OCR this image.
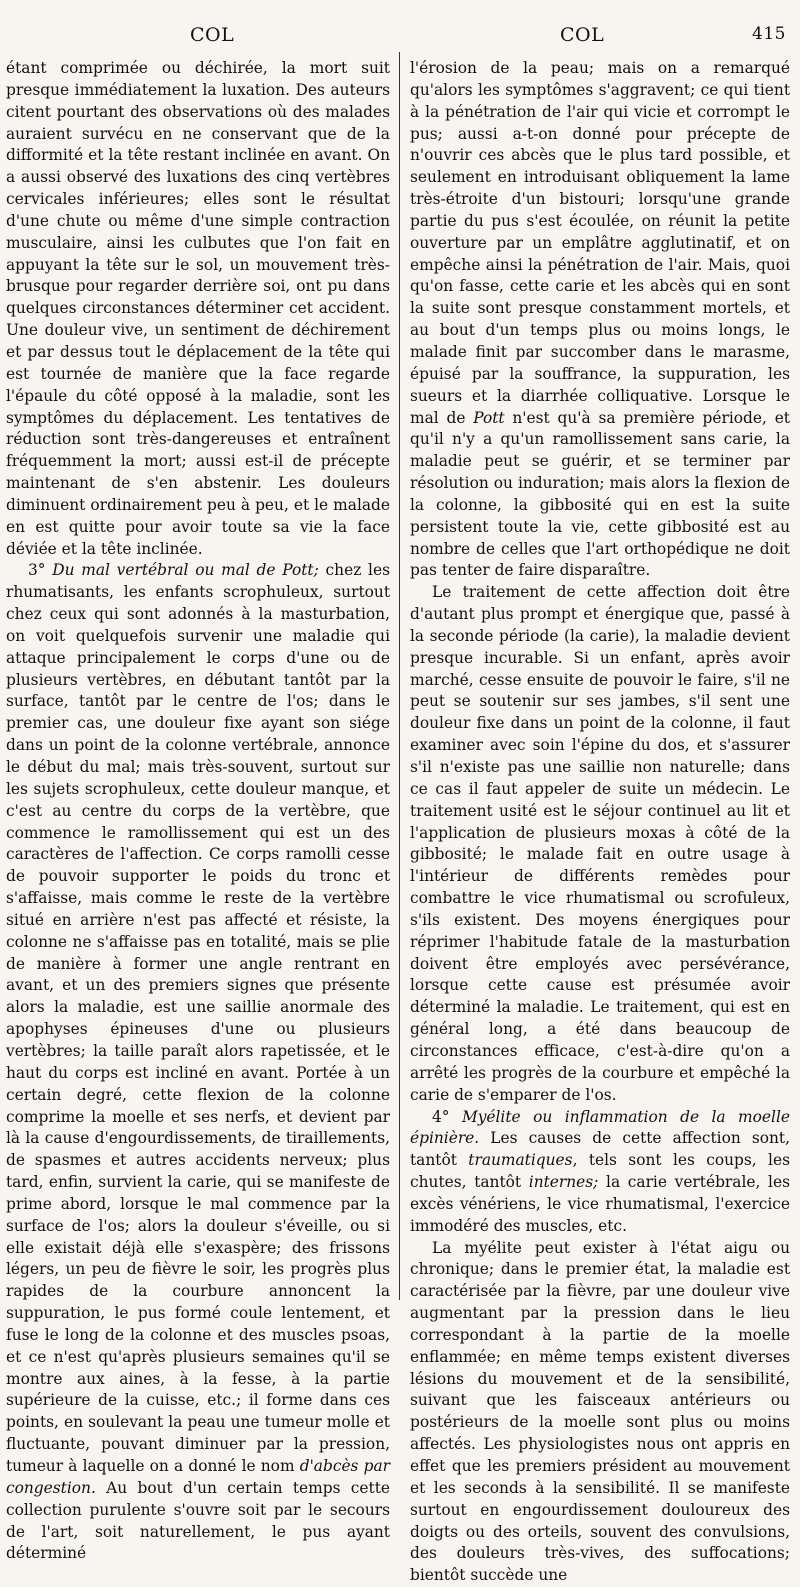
COL	COL	415

étant comprimée ou déchirée, la mort suit presque immédiatement la luxation. Des auteurs citent pourtant des observations où des malades auraient survécu en ne conservant que de la difformité et la tête restant inclinée en avant. On a aussi observé des luxations des cinq vertèbres cervicales inférieures; elles sont le résultat d'une chute ou même d'une simple contraction musculaire, ainsi les culbutes que l'on fait en appuyant la tête sur le sol, un mouvement très-brusque pour regarder derrière soi, ont pu dans quelques circonstances déterminer cet accident. Une douleur vive, un sentiment de déchirement et par dessus tout le déplacement de la tête qui est tournée de manière que la face regarde l'épaule du côté opposé à la maladie, sont les symptômes du déplacement. Les tentatives de réduction sont très-dangereuses et entraînent fréquemment la mort; aussi est-il de précepte maintenant de s'en abstenir. Les douleurs diminuent ordinairement peu à peu, et le malade en est quitte pour avoir toute sa vie la face déviée et la tête inclinée.

3° Du mal vertébral ou mal de Pott; chez les rhumatisants, les enfants scrophuleux, surtout chez ceux qui sont adonnés à la masturbation, on voit quelquefois survenir une maladie qui attaque principalement le corps d'une ou de plusieurs vertèbres, en débutant tantôt par la surface, tantôt par le centre de l'os; dans le premier cas, une douleur fixe ayant son siége dans un point de la colonne vertébrale, annonce le début du mal; mais très-souvent, surtout sur les sujets scrophuleux, cette douleur manque, et c'est au centre du corps de la vertèbre, que commence le ramollissement qui est un des caractères de l'affection. Ce corps ramolli cesse de pouvoir supporter le poids du tronc et s'affaisse, mais comme le reste de la vertèbre situé en arrière n'est pas affecté et résiste, la colonne ne s'affaisse pas en totalité, mais se plie de manière à former une angle rentrant en avant, et un des premiers signes que présente alors la maladie, est une saillie anormale des apophyses épineuses d'une ou plusieurs vertèbres; la taille paraît alors rapetissée, et le haut du corps est incliné en avant. Portée à un certain degré, cette flexion de la colonne comprime la moelle et ses nerfs, et devient par là la cause d'engourdissements, de tiraillements, de spasmes et autres accidents nerveux; plus tard, enfin, survient la carie, qui se manifeste de prime abord, lorsque le mal commence par la surface de l'os; alors la douleur s'éveille, ou si elle existait déjà elle s'exaspère; des frissons légers, un peu de fièvre le soir, les progrès plus rapides de la courbure annoncent la suppuration, le pus formé coule lentement, et fuse le long de la colonne et des muscles psoas, et ce n'est qu'après plusieurs semaines qu'il se montre aux aines, à la fesse, à la partie supérieure de la cuisse, etc.; il forme dans ces points, en soulevant la peau une tumeur molle et fluctuante, pouvant diminuer par la pression, tumeur à laquelle on a donné le nom d'abcès par congestion. Au bout d'un certain temps cette collection purulente s'ouvre soit par le secours de l'art, soit naturellement, le pus ayant déterminé

l'érosion de la peau; mais on a remarqué qu'alors les symptômes s'aggravent; ce qui tient à la pénétration de l'air qui vicie et corrompt le pus; aussi a-t-on donné pour précepte de n'ouvrir ces abcès que le plus tard possible, et seulement en introduisant obliquement la lame très-étroite d'un bistouri; lorsqu'une grande partie du pus s'est écoulée, on réunit la petite ouverture par un emplâtre agglutinatif, et on empêche ainsi la pénétration de l'air. Mais, quoi qu'on fasse, cette carie et les abcès qui en sont la suite sont presque constamment mortels, et au bout d'un temps plus ou moins longs, le malade finit par succomber dans le marasme, épuisé par la souffrance, la suppuration, les sueurs et la diarrhée colliquative. Lorsque le mal de Pott n'est qu'à sa première période, et qu'il n'y a qu'un ramollissement sans carie, la maladie peut se guérir, et se terminer par résolution ou induration; mais alors la flexion de la colonne, la gibbosité qui en est la suite persistent toute la vie, cette gibbosité est au nombre de celles que l'art orthopédique ne doit pas tenter de faire disparaître.

Le traitement de cette affection doit être d'autant plus prompt et énergique que, passé à la seconde période (la carie), la maladie devient presque incurable. Si un enfant, après avoir marché, cesse ensuite de pouvoir le faire, s'il ne peut se soutenir sur ses jambes, s'il sent une douleur fixe dans un point de la colonne, il faut examiner avec soin l'épine du dos, et s'assurer s'il n'existe pas une saillie non naturelle; dans ce cas il faut appeler de suite un médecin. Le traitement usité est le séjour continuel au lit et l'application de plusieurs moxas à côté de la gibbosité; le malade fait en outre usage à l'intérieur de différents remèdes pour combattre le vice rhumatismal ou scrofuleux, s'ils existent. Des moyens énergiques pour réprimer l'habitude fatale de la masturbation doivent être employés avec persévérance, lorsque cette cause est présumée avoir déterminé la maladie. Le traitement, qui est en général long, a été dans beaucoup de circonstances efficace, c'est-à-dire qu'on a arrêté les progrès de la courbure et empêché la carie de s'emparer de l'os.

4° Myélite ou inflammation de la moelle épinière. Les causes de cette affection sont, tantôt traumatiques, tels sont les coups, les chutes, tantôt internes; la carie vertébrale, les excès vénériens, le vice rhumatismal, l'exercice immodéré des muscles, etc.

La myélite peut exister à l'état aigu ou chronique; dans le premier état, la maladie est caractérisée par la fièvre, par une douleur vive augmentant par la pression dans le lieu correspondant à la partie de la moelle enflammée; en même temps existent diverses lésions du mouvement et de la sensibilité, suivant que les faisceaux antérieurs ou postérieurs de la moelle sont plus ou moins affectés. Les physiologistes nous ont appris en effet que les premiers président au mouvement et les seconds à la sensibilité. Il se manifeste surtout en engourdissement douloureux des doigts ou des orteils, souvent des convulsions, des douleurs très-vives, des suffocations; bientôt succède une
